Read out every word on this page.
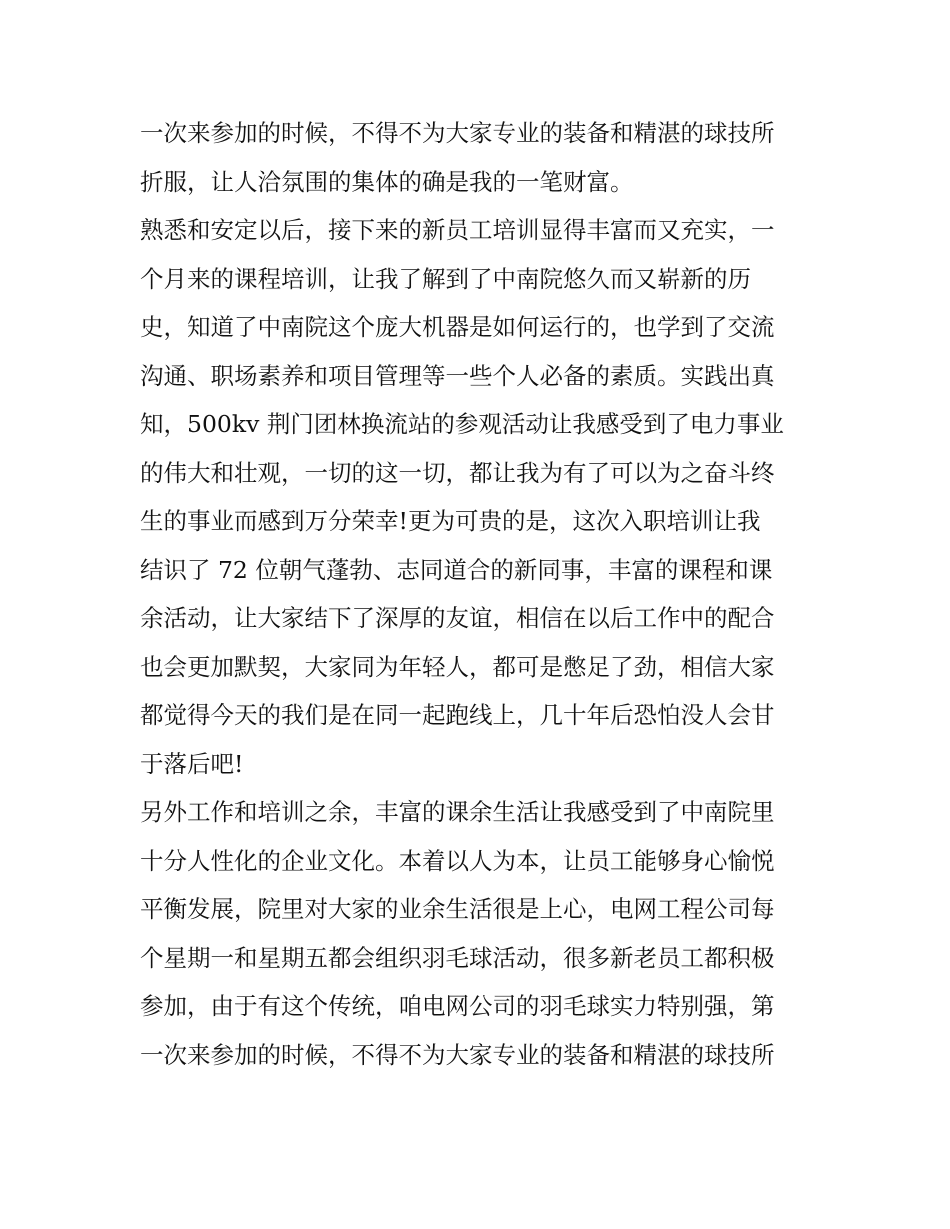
一次来参加的时候，不得不为大家专业的装备和精湛的球技所
折服，让人洽氛围的集体的确是我的一笔财富。
熟悉和安定以后，接下来的新员工培训显得丰富而又充实，一
个月来的课程培训，让我了解到了中南院悠久而又崭新的历
史，知道了中南院这个庞大机器是如何运行的，也学到了交流
沟通、职场素养和项目管理等一些个人必备的素质。实践出真
知，500kv 荆门团林换流站的参观活动让我感受到了电力事业
的伟大和壮观，一切的这一切，都让我为有了可以为之奋斗终
生的事业而感到万分荣幸!更为可贵的是，这次入职培训让我
结识了 72 位朝气蓬勃、志同道合的新同事，丰富的课程和课
余活动，让大家结下了深厚的友谊，相信在以后工作中的配合
也会更加默契，大家同为年轻人，都可是憋足了劲，相信大家
都觉得今天的我们是在同一起跑线上，几十年后恐怕没人会甘
于落后吧!
另外工作和培训之余，丰富的课余生活让我感受到了中南院里
十分人性化的企业文化。本着以人为本，让员工能够身心愉悦
平衡发展，院里对大家的业余生活很是上心，电网工程公司每
个星期一和星期五都会组织羽毛球活动，很多新老员工都积极
参加，由于有这个传统，咱电网公司的羽毛球实力特别强，第
一次来参加的时候，不得不为大家专业的装备和精湛的球技所
